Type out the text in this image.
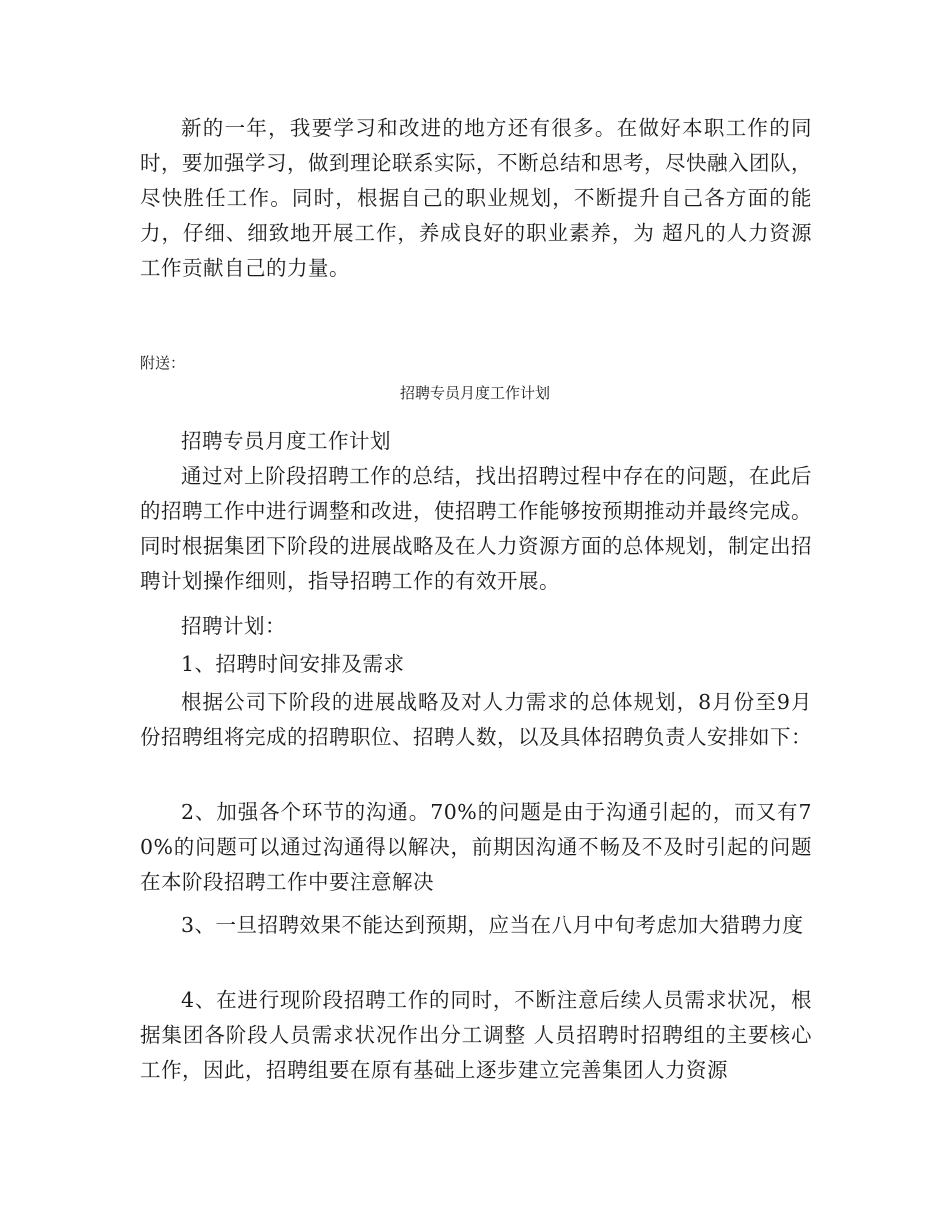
新的一年，我要学习和改进的地方还有很多。在做好本职工作的同时，要加强学习，做到理论联系实际，不断总结和思考，尽快融入团队，尽快胜任工作。同时，根据自己的职业规划，不断提升自己各方面的能力，仔细、细致地开展工作，养成良好的职业素养，为 超凡的人力资源工作贡献自己的力量。

附送：

招聘专员月度工作计划

招聘专员月度工作计划

通过对上阶段招聘工作的总结，找出招聘过程中存在的问题，在此后的招聘工作中进行调整和改进，使招聘工作能够按预期推动并最终完成。同时根据集团下阶段的进展战略及在人力资源方面的总体规划，制定出招聘计划操作细则，指导招聘工作的有效开展。

招聘计划：

1、招聘时间安排及需求

根据公司下阶段的进展战略及对人力需求的总体规划，8月份至9月份招聘组将完成的招聘职位、招聘人数，以及具体招聘负责人安排如下：

2、加强各个环节的沟通。70%的问题是由于沟通引起的，而又有70%的问题可以通过沟通得以解决，前期因沟通不畅及不及时引起的问题在本阶段招聘工作中要注意解决

3、一旦招聘效果不能达到预期，应当在八月中旬考虑加大猎聘力度

4、在进行现阶段招聘工作的同时，不断注意后续人员需求状况，根据集团各阶段人员需求状况作出分工调整 人员招聘时招聘组的主要核心工作，因此，招聘组要在原有基础上逐步建立完善集团人力资源
